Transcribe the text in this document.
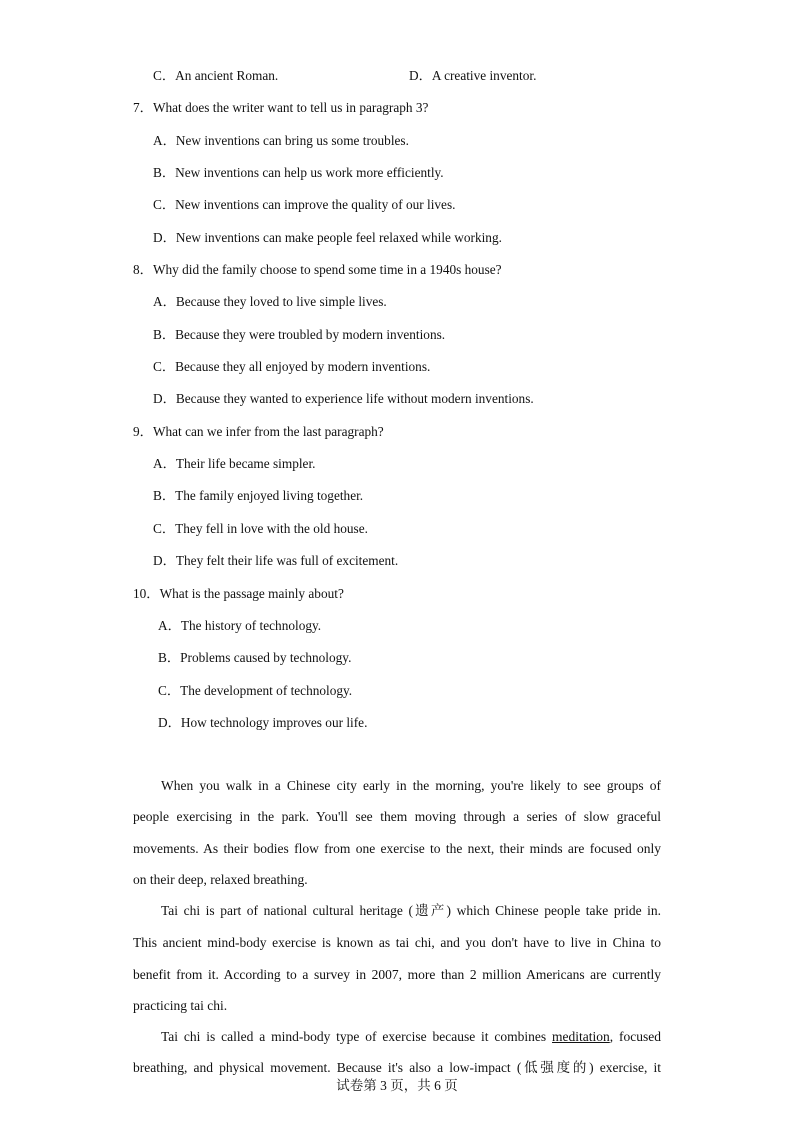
C．An ancient Roman.	D．A creative inventor.
7．What does the writer want to tell us in paragraph 3?
A．New inventions can bring us some troubles.
B．New inventions can help us work more efficiently.
C．New inventions can improve the quality of our lives.
D．New inventions can make people feel relaxed while working.
8．Why did the family choose to spend some time in a 1940s house?
A．Because they loved to live simple lives.
B．Because they were troubled by modern inventions.
C．Because they all enjoyed by modern inventions.
D．Because they wanted to experience life without modern inventions.
9．What can we infer from the last paragraph?
A．Their life became simpler.
B．The family enjoyed living together.
C．They fell in love with the old house.
D．They felt their life was full of excitement.
10．What is the passage mainly about?
A．The history of technology.
B．Problems caused by technology.
C．The development of technology.
D．How technology improves our life.
When you walk in a Chinese city early in the morning, you're likely to see groups of
people exercising in the park. You'll see them moving through a series of slow graceful
movements. As their bodies flow from one exercise to the next, their minds are focused only
on their deep, relaxed breathing.
Tai chi is part of national cultural heritage (遗产) which Chinese people take pride in.
This ancient mind-body exercise is known as tai chi, and you don't have to live in China to
benefit from it. According to a survey in 2007, more than 2 million Americans are currently
practicing tai chi.
Tai chi is called a mind-body type of exercise because it combines meditation, focused
breathing, and physical movement. Because it's also a low-impact (低强度的) exercise, it
试卷第 3 页，共 6 页
